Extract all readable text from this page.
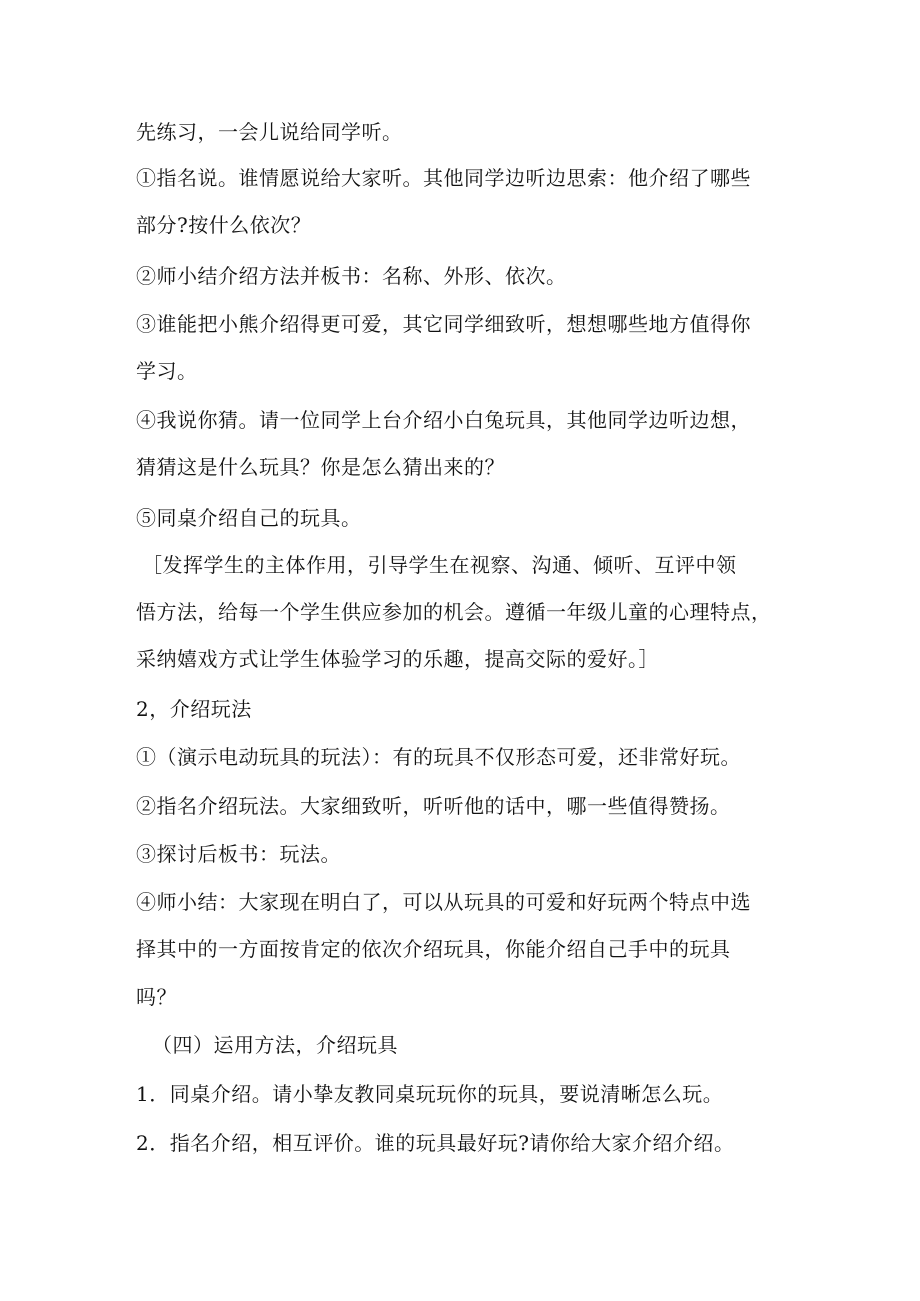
先练习，一会儿说给同学听。
①指名说。谁情愿说给大家听。其他同学边听边思索：他介绍了哪些
部分?按什么依次？
②师小结介绍方法并板书：名称、外形、依次。
③谁能把小熊介绍得更可爱，其它同学细致听，想想哪些地方值得你
学习。
④我说你猜。请一位同学上台介绍小白兔玩具，其他同学边听边想，
猜猜这是什么玩具？你是怎么猜出来的？
⑤同桌介绍自己的玩具。
［发挥学生的主体作用，引导学生在视察、沟通、倾听、互评中领
悟方法，给每一个学生供应参加的机会。遵循一年级儿童的心理特点，
采纳嬉戏方式让学生体验学习的乐趣，提高交际的爱好。］
2，介绍玩法
①（演示电动玩具的玩法）：有的玩具不仅形态可爱，还非常好玩。
②指名介绍玩法。大家细致听，听听他的话中，哪一些值得赞扬。
③探讨后板书：玩法。
④师小结：大家现在明白了，可以从玩具的可爱和好玩两个特点中选
择其中的一方面按肯定的依次介绍玩具，你能介绍自己手中的玩具
吗？
（四）运用方法，介绍玩具
1．同桌介绍。请小挚友教同桌玩玩你的玩具，要说清晰怎么玩。
2．指名介绍，相互评价。谁的玩具最好玩?请你给大家介绍介绍。
